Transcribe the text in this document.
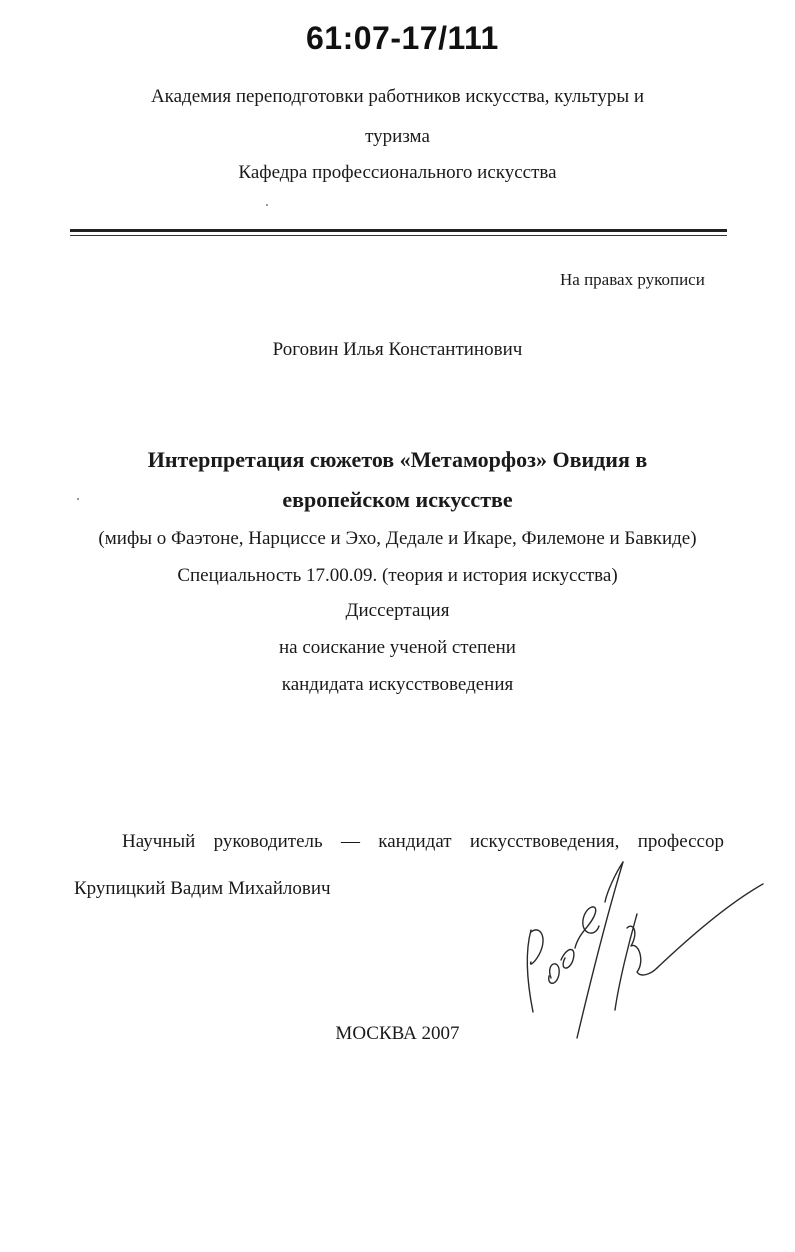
61:07-17/111
Академия переподготовки работников искусства, культуры и
туризма
Кафедра профессионального искусства
На правах рукописи
Роговин Илья Константинович
Интерпретация сюжетов «Метаморфоз» Овидия в
европейском искусстве
(мифы о Фаэтоне, Нарциссе и Эхо, Дедале и Икаре, Филемоне и Бавкиде)
Специальность 17.00.09. (теория и история искусства)
Диссертация
на соискание ученой степени
кандидата искусствоведения
Научный руководитель — кандидат искусствоведения, профессор
Крупицкий Вадим Михайлович
МОСКВА 2007
